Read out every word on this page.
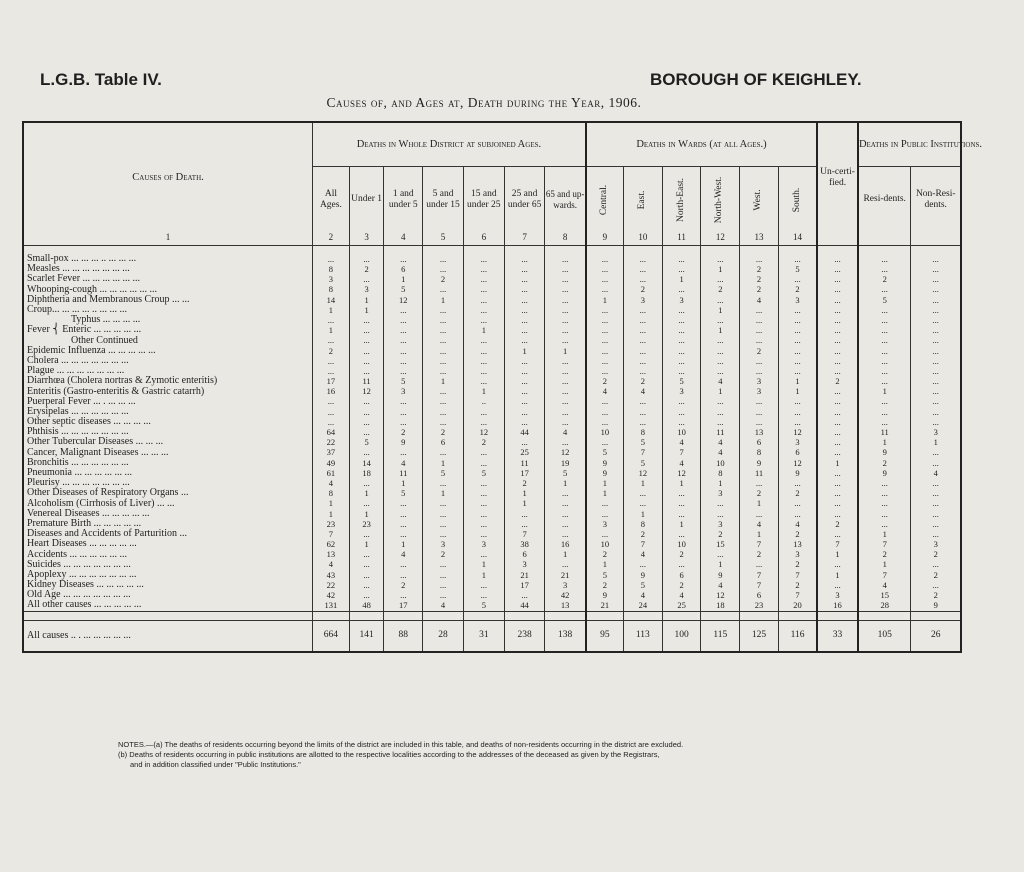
L.G.B. Table IV.	BOROUGH OF KEIGHLEY.
Causes of, and Ages at, Death during the Year, 1906.
Causes of Death.	Deaths in Whole District at subjoined Ages.							Deaths in Wards (at all Ages.)						Un-certi-fied.	Deaths in Public Institutions.	
	All Ages.	Under 1	1 and under 5	5 and under 15	15 and under 25	25 and under 65	65 and up-wards.	Central.	East.	North-East.	North-West.	West.	South.		Resi-dents.	Non-Resi-dents.
1	2	3	4	5	6	7	8	9	10	11	12	13	14			

Small-pox ... ... ... .. ... ... ...	...	...	...	...	...	...	...	...	...	...	...	...	...	...	...	...
Measles ... ... ... ... ... ... ...	8	2	6	...	...	...	...	...	...	...	1	2	5	...	...	...
Scarlet Fever ... ... ... ... ... ...	3	...	1	2	...	...	...	...	...	1	...	2	...	...	2	...
Whooping-cough ... ... ... ... ... ...	8	3	5	...	...	...	...	...	2	...	2	2	2	...	...	...
Diphtheria and Membranous Croup ... ...	14	1	12	1	...	...	...	1	3	3	...	4	3	...	5	...
Croup... ... ... ... .. ... ... ...	1	1	...	...	...	...	...	...	...	...	1	...	...	...	...	...
Typhus ... ... ... ...	...	...	...	...	...	...	...	...	...	...	...	...	...	...	...	...
Fever ⎨ Enteric ... ... ... ... ...	1	...	...	...	1	...	...	...	...	...	1	...	...	...	...	...
Other Continued	...	...	...	...	...	...	...	...	...	...	...	...	...	...	...	...
Epidemic Influenza ... ... ... ... ...	2	...	...	...	...	1	1	...	...	...	...	2	...	...	...	...
Cholera ... ... ... ... ... ... ...	...	...	...	...	...	...	...	...	...	...	...	...	...	...	...	...
Plague ... ... ... ... ... ... ...	...	...	...	...	...	...	...	...	...	...	...	...	...	...	...	...
Diarrhœa (Cholera nortras & Zymotic enteritis)	17	11	5	1	...	...	...	2	2	5	4	3	1	2	...	...
Enteritis (Gastro-enteritis & Gastric catarrh)	16	12	3	...	1	...	...	4	4	3	1	3	1	...	1	...
Puerperal Fever ... . ... ... ...	...	...	...	...	..	...	...	...	...	...	...	...	...	...	...	...
Erysipelas ... ... ... ... ... ...	...	...	...	...	...	...	...	...	...	...	...	...	...	...	...	...
Other septic diseases ... ... ... ...	...	...	...	...	...	...	...	...	...	...	...	...	...	...	...	...
Phthisis ... ... ... ... ... ... ...	64	...	2	2	12	44	4	10	8	10	11	13	12	...	11	3
Other Tubercular Diseases ... ... ...	22	5	9	6	2	...	...	...	5	4	4	6	3	...	1	1
Cancer, Malignant Diseases ... ... ...	37	...	...	...	...	25	12	5	7	7	4	8	6	...	9	...
Bronchitis ... ... ... ... ... ...	49	14	4	1	...	11	19	9	5	4	10	9	12	1	2	...
Pneumonia ... ... ... ... ... ...	61	18	11	5	5	17	5	9	12	12	8	11	9	...	9	4
Pleurisy ... ... ... ... ... ... ...	4	...	1	...	...	2	1	1	1	1	1	...	...	...	...	...
Other Diseases of Respiratory Organs ...	8	1	5	1	...	1	...	1	...	...	3	2	2	...	...	...
Alcoholism (Cirrhosis of Liver) ... ...	1	...	...	...	...	1	...	...	...	...	...	1	...	...	...	...
Venereal Diseases ... ... ... ... ...	1	1	...	...	...	...	...	...	1	...	...	...	...	...	...	...
Premature Birth ... ... ... ... ...	23	23	...	...	...	...	...	3	8	1	3	4	4	2	...	...
Diseases and Accidents of Parturition ...	7	...	...	...	...	7	...	...	2	...	2	1	2	...	1	...
Heart Diseases ... ... ... ... ...	62	1	1	3	3	38	16	10	7	10	15	7	13	7	7	3
Accidents ... ... ... ... ... ...	13	...	4	2	...	6	1	2	4	2	...	2	3	1	2	2
Suicides ... ... ... ... ... ... ...	4	...	...	...	1	3	...	1	...	...	1	...	2	...	1	...
Apoplexy ... ... ... ... ... ... ...	43	...	...	...	1	21	21	5	9	6	9	7	7	1	7	2
Kidney Diseases ... ... ... ... ...	22	...	2	...	...	17	3	2	5	2	4	7	2	...	4	...
Old Age ... ... ... ... ... ... ...	42	...	...	...	...	...	42	9	4	4	12	6	7	3	15	2
All other causes ... ... ... ... ...	131	48	17	4	5	44	13	21	24	25	18	23	20	16	28	9

All causes .. . ... ... ... ... ...	664	141	88	28	31	238	138	95	113	100	115	125	116	33	105	26

NOTES.—(a) The deaths of residents occurring beyond the limits of the district are included in this table, and deaths of non-residents occurring in the district are excluded.

(b) Deaths of residents occurring in public institutions are allotted to the respective localities according to the addresses of the deceased as given by the Registrars,

and in addition classified under "Public Institutions."
